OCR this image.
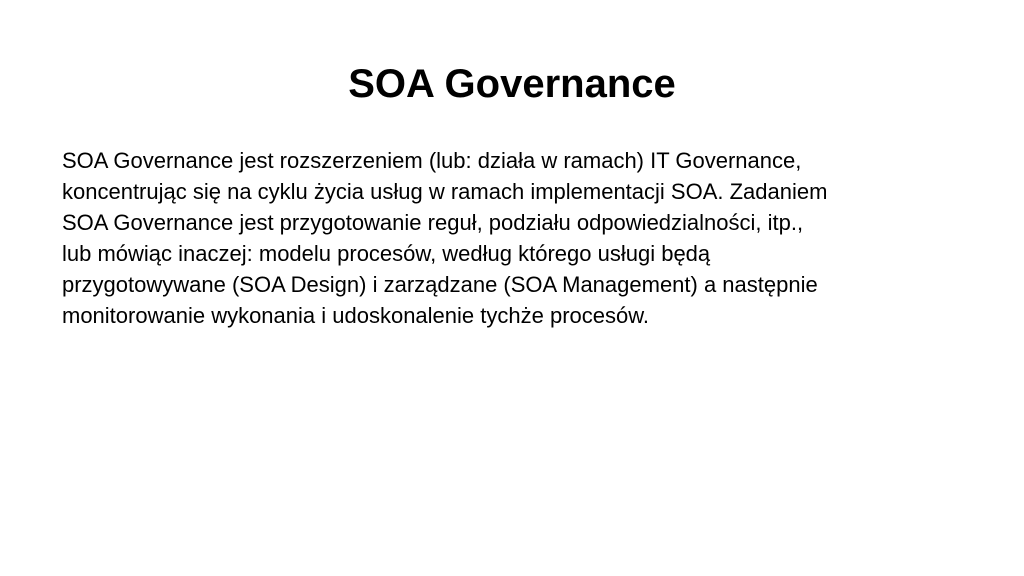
SOA Governance

SOA Governance jest rozszerzeniem (lub: działa w ramach) IT Governance,
koncentrując się na cyklu życia usług w ramach implementacji SOA. Zadaniem
SOA Governance jest przygotowanie reguł, podziału odpowiedzialności, itp.,
lub mówiąc inaczej: modelu procesów, według którego usługi będą
przygotowywane (SOA Design) i zarządzane (SOA Management) a następnie
monitorowanie wykonania i udoskonalenie tychże procesów.
